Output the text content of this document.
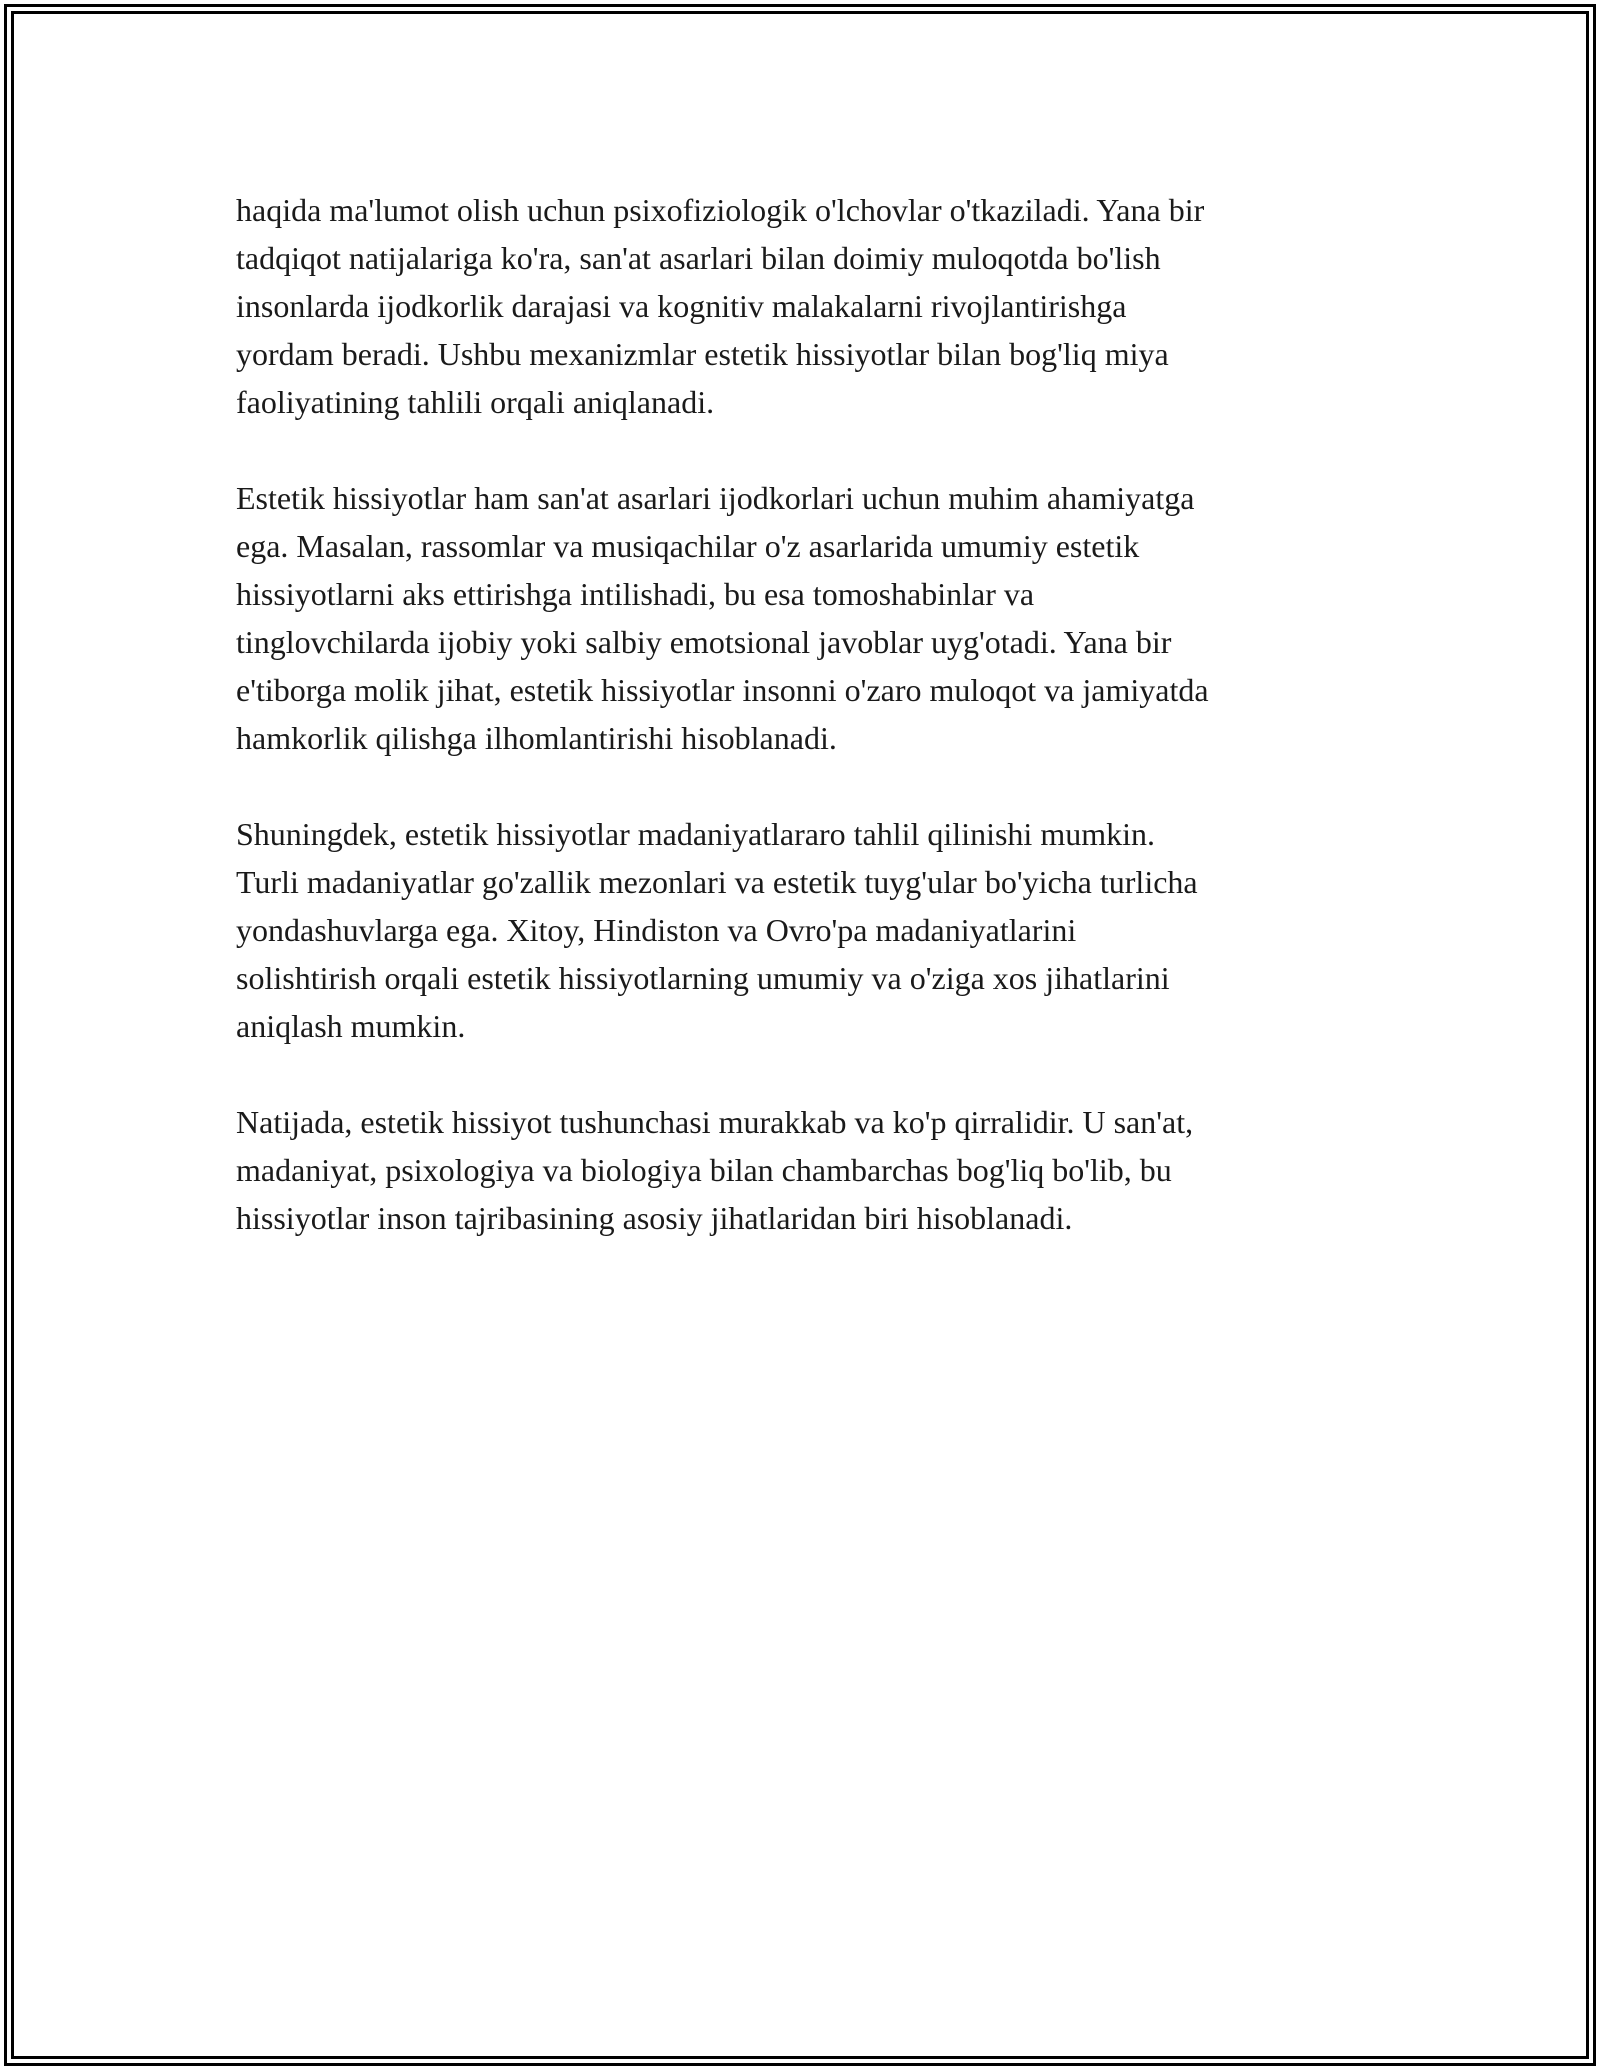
haqida ma'lumot olish uchun psixofiziologik o'lchovlar o'tkaziladi. Yana bir
tadqiqot natijalariga ko'ra, san'at asarlari bilan doimiy muloqotda bo'lish
insonlarda ijodkorlik darajasi va kognitiv malakalarni rivojlantirishga
yordam beradi. Ushbu mexanizmlar estetik hissiyotlar bilan bog'liq miya
faoliyatining tahlili orqali aniqlanadi.

Estetik hissiyotlar ham san'at asarlari ijodkorlari uchun muhim ahamiyatga
ega. Masalan, rassomlar va musiqachilar o'z asarlarida umumiy estetik
hissiyotlarni aks ettirishga intilishadi, bu esa tomoshabinlar va
tinglovchilarda ijobiy yoki salbiy emotsional javoblar uyg'otadi. Yana bir
e'tiborga molik jihat, estetik hissiyotlar insonni o'zaro muloqot va jamiyatda
hamkorlik qilishga ilhomlantirishi hisoblanadi.

Shuningdek, estetik hissiyotlar madaniyatlararo tahlil qilinishi mumkin.
Turli madaniyatlar go'zallik mezonlari va estetik tuyg'ular bo'yicha turlicha
yondashuvlarga ega. Xitoy, Hindiston va Ovro'pa madaniyatlarini
solishtirish orqali estetik hissiyotlarning umumiy va o'ziga xos jihatlarini
aniqlash mumkin.

Natijada, estetik hissiyot tushunchasi murakkab va ko'p qirralidir. U san'at,
madaniyat, psixologiya va biologiya bilan chambarchas bog'liq bo'lib, bu
hissiyotlar inson tajribasining asosiy jihatlaridan biri hisoblanadi.
